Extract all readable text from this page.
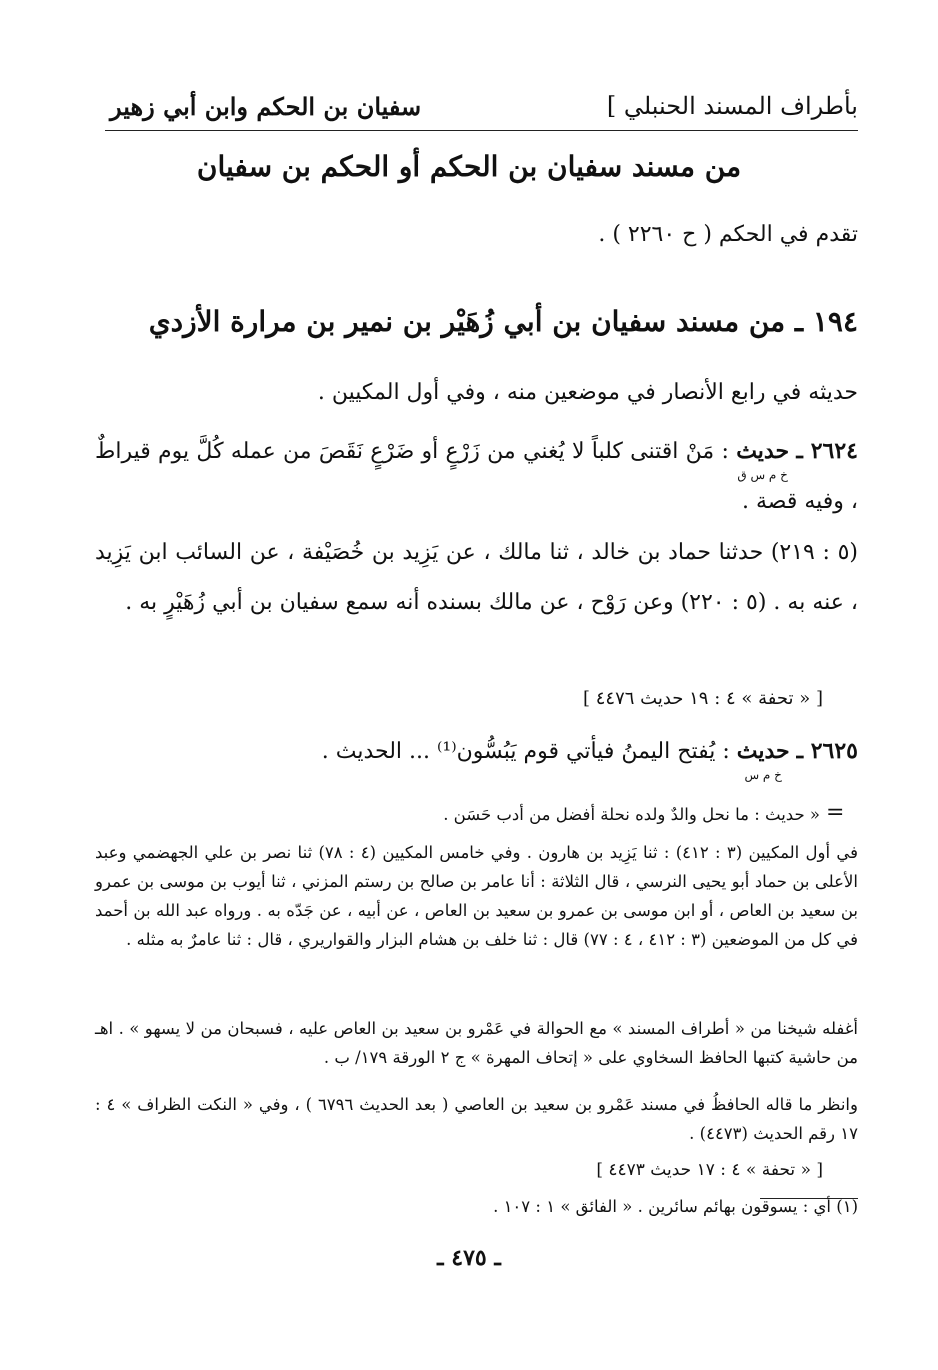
سفيان بن الحكم وابن أبي زهير	بأطراف المسند الحنبلي ]
من مسند سفيان بن الحكم أو الحكم بن سفيان
تقدم في الحكم ( ح ٢٢٦٠ ) .
١٩٤ ـ من مسند سفيان بن أبي زُهَيْر بن نمير بن مرارة الأزدي
حديثه في رابع الأنصار في موضعين منه ، وفي أول المكيين .
٢٦٢٤ ـ حديث
خ م س ق
: مَنْ اقتنى كلباً لا يُغني من زَرْعٍ أو ضَرْعٍ نَقَصَ من عمله كُلَّ يوم قيراطٌ ، وفيه قصة .
(٥ : ٢١٩) حدثنا حماد بن خالد ، ثنا مالك ، عن يَزِيد بن خُصَيْفة ، عن السائب ابن يَزِيد ، عنه به . (٥ : ٢٢٠) وعن رَوْح ، عن مالك بسنده أنه سمع سفيان بن أبي زُهَيْرٍ به .
[ « تحفة » ٤ : ١٩ حديث ٤٤٧٦ ]
٢٦٢٥ ـ حديث
خ م س
: يُفتح اليمنُ فيأتي قوم يَبُسُّون⁽¹⁾ ... الحديث .
=
« حديث : ما نحل والدٌ ولده نحلة أفضل من أدب حَسَن .
في أول المكيين (٣ : ٤١٢) : ثنا يَزِيد بن هارون . وفي خامس المكيين (٤ : ٧٨) ثنا نصر بن علي الجهضمي وعبد الأعلى بن حماد أبو يحيى النرسي ، قال الثلاثة : أنا عامر بن صالح بن رستم المزني ، ثنا أيوب بن موسى بن عمرو بن سعيد بن العاص ، أو ابن موسى بن عمرو بن سعيد بن العاص ، عن أبيه ، عن جَدّه به . ورواه عبد الله بن أحمد في كل من الموضعين (٣ : ٤١٢ ، ٤ : ٧٧) قال : ثنا خلف بن هشام البزار والقواريري ، قال : ثنا عامرٌ به مثله .
أغفله شيخنا من « أطراف المسند » مع الحوالة في عَمْرو بن سعيد بن العاص عليه ، فسبحان من لا يسهو » . اهـ من حاشية كتبها الحافظ السخاوي على « إتحاف المهرة » ج ٢ الورقة ١٧٩/ ب .
وانظر ما قاله الحافظُ في مسند عَمْرو بن سعيد بن العاصي ( بعد الحديث ٦٧٩٦ ) ، وفي « النكت الظراف » ٤ : ١٧ رقم الحديث (٤٤٧٣) .
[ « تحفة » ٤ : ١٧ حديث ٤٤٧٣ ]
(١) أي : يسوقون بهائم سائرين . « الفائق » ١ : ١٠٧ .
ـ ٤٧٥ ـ
